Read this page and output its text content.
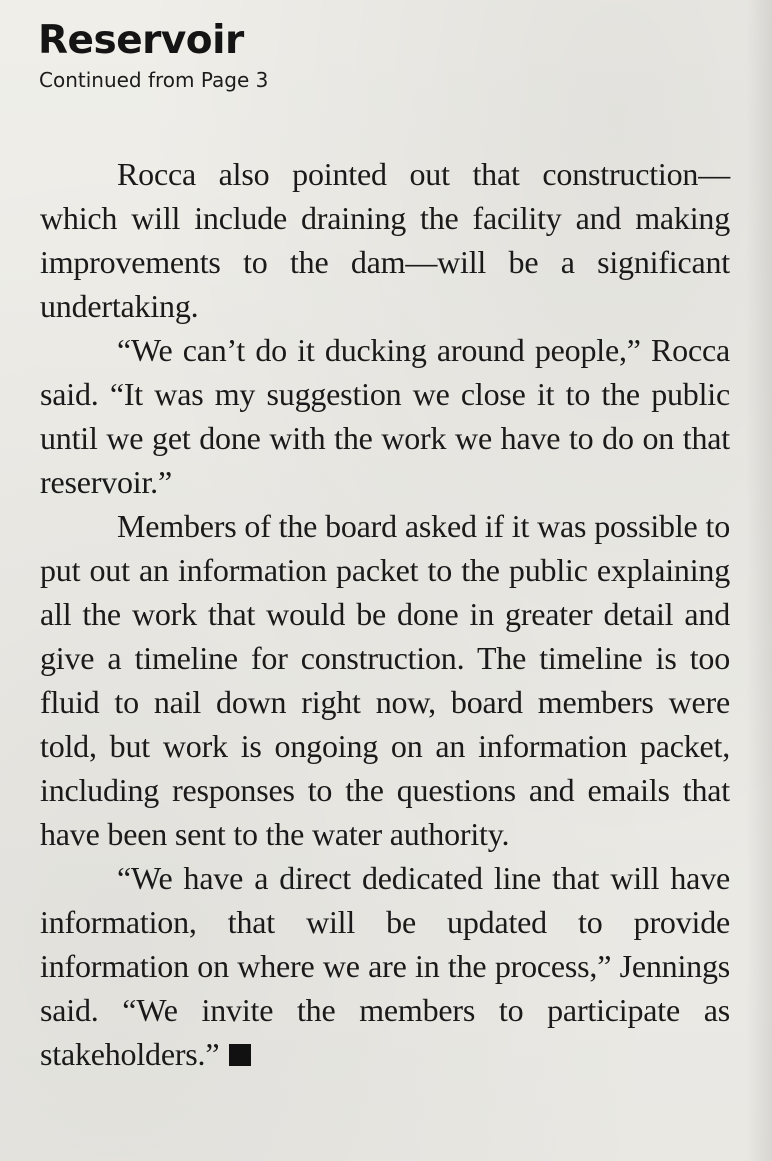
Reservoir
Continued from Page 3

Rocca also pointed out that construction—which will include draining the facility and making improvements to the dam—will be a significant undertaking.

“We can’t do it ducking around people,” Rocca said. “It was my suggestion we close it to the public until we get done with the work we have to do on that reservoir.”

Members of the board asked if it was possible to put out an information packet to the public explaining all the work that would be done in greater detail and give a timeline for construction. The timeline is too fluid to nail down right now, board members were told, but work is ongoing on an information packet, including responses to the questions and emails that have been sent to the water authority.

“We have a direct dedicated line that will have information, that will be updated to provide information on where we are in the process,” Jennings said. “We invite the members to participate as stakeholders.”
